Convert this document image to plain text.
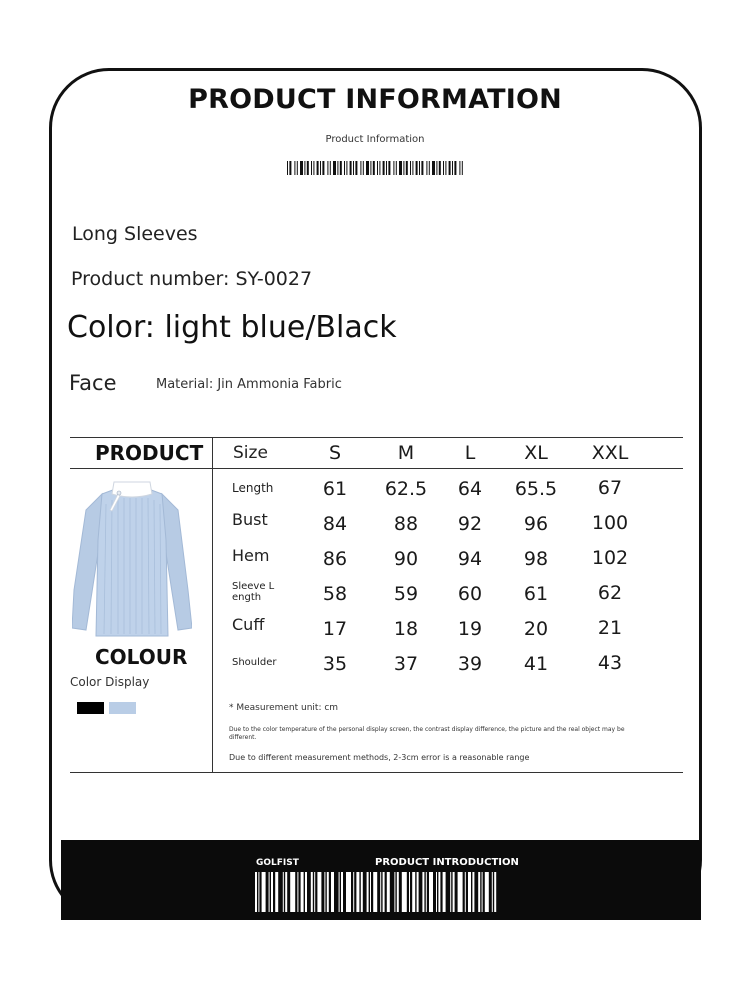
PRODUCT INFORMATION
Product Information
Long Sleeves
Product number: SY-0027
Color: light blue/Black
Face	Material: Jin Ammonia Fabric
PRODUCT Size	S	M	L	XL	XXL
Length	61	62.5	64	65.5	67
Bust	84	88	92	96	100
Hem	86	90	94	98	102
Sleeve L
ength	58	59	60	61	62
Cuff	17	18	19	20	21
Shoulder	35	37	39	41	43
COLOUR
Color Display
* Measurement unit: cm
Due to the color temperature of the personal display screen, the contrast display difference, the picture and the real object may be different.
Due to different measurement methods, 2-3cm error is a reasonable range
GOLFIST	PRODUCT INTRODUCTION
